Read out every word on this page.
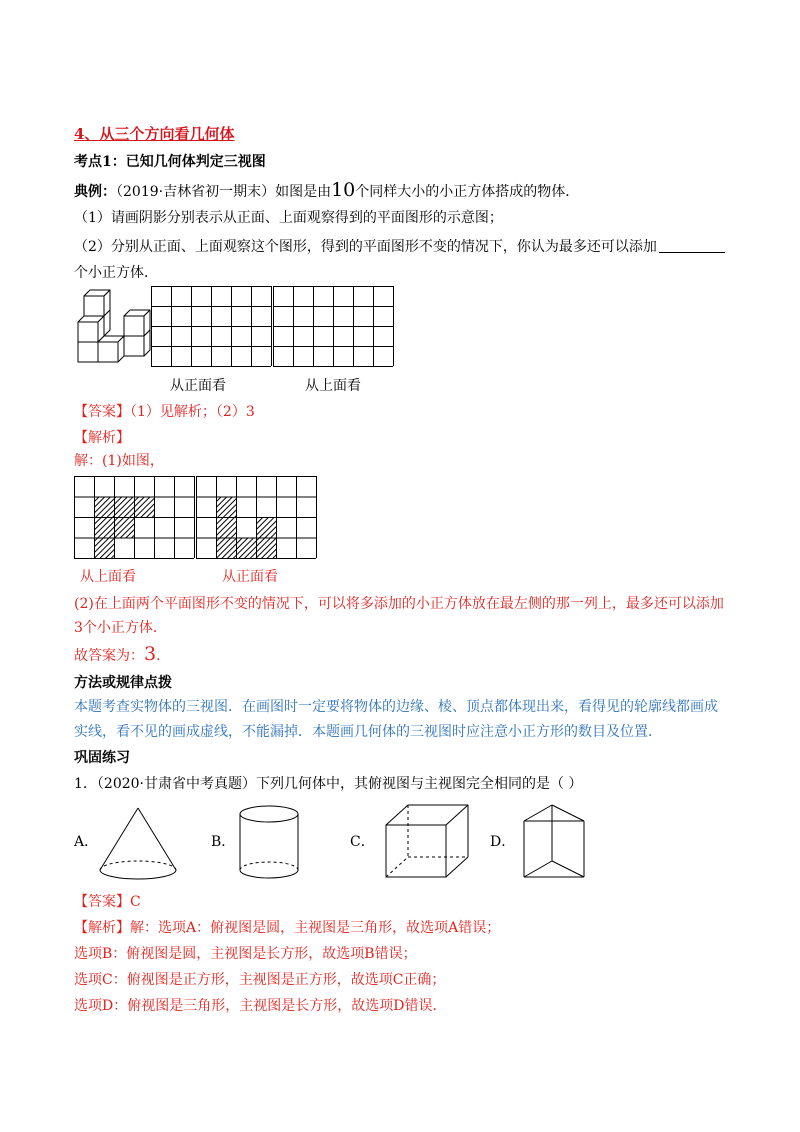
4、从三个方向看几何体
考点1：已知几何体判定三视图
典例：（2019·吉林省初一期末）如图是由10个同样大小的小正方体搭成的物体．
（1）请画阴影分别表示从正面、上面观察得到的平面图形的示意图；
（2）分别从正面、上面观察这个图形，得到的平面图形不变的情况下，你认为最多还可以添加
个小正方体．
从正面看	从上面看
【答案】（1）见解析；（2）3
【解析】
解：(1)如图，
从上面看	从正面看
(2)在上面两个平面图形不变的情况下，可以将多添加的小正方体放在最左侧的那一列上，最多还可以添加
3个小正方体．
故答案为：3．
方法或规律点拨
本题考查实物体的三视图．在画图时一定要将物体的边缘、棱、顶点都体现出来，看得见的轮廓线都画成
实线，看不见的画成虚线，不能漏掉．本题画几何体的三视图时应注意小正方形的数目及位置．
巩固练习
1．（2020·甘肃省中考真题）下列几何体中，其俯视图与主视图完全相同的是（ ）
A．	B．	C．	D．
【答案】C
【解析】解：选项A：俯视图是圆，主视图是三角形，故选项A错误；
选项B：俯视图是圆，主视图是长方形，故选项B错误；
选项C：俯视图是正方形，主视图是正方形，故选项C正确；
选项D：俯视图是三角形，主视图是长方形，故选项D错误．
